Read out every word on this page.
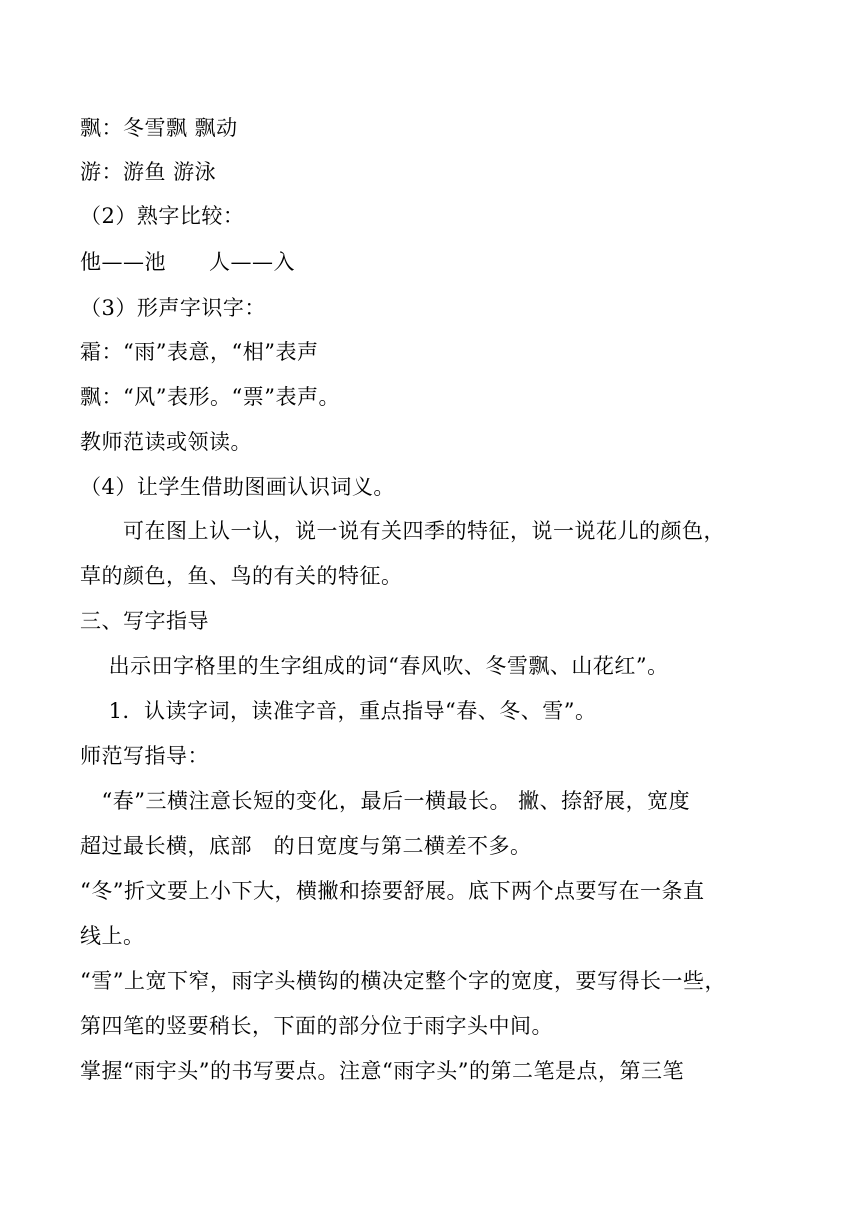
飘：冬雪飘 飘动
游：游鱼 游泳
（2）熟字比较：
他——池　　人——入
（3）形声字识字：
霜：“雨”表意，“相”表声
飘：“风”表形。“票”表声。
教师范读或领读。
（4）让学生借助图画认识词义。
　　可在图上认一认，说一说有关四季的特征，说一说花儿的颜色，
草的颜色，鱼、鸟的有关的特征。
三、写字指导
　 出示田字格里的生字组成的词“春风吹、冬雪飘、山花红”。
　 1．认读字词，读准字音，重点指导“春、冬、雪”。
师范写指导：
　“春”三横注意长短的变化，最后一横最长。 撇、捺舒展，宽度
超过最长横，底部　的日宽度与第二横差不多。
“冬”折文要上小下大，横撇和捺要舒展。底下两个点要写在一条直
线上。
“雪”上宽下窄，雨字头横钩的横决定整个字的宽度，要写得长一些，
第四笔的竖要稍长，下面的部分位于雨字头中间。
掌握“雨宇头”的书写要点。注意“雨字头”的第二笔是点，第三笔
